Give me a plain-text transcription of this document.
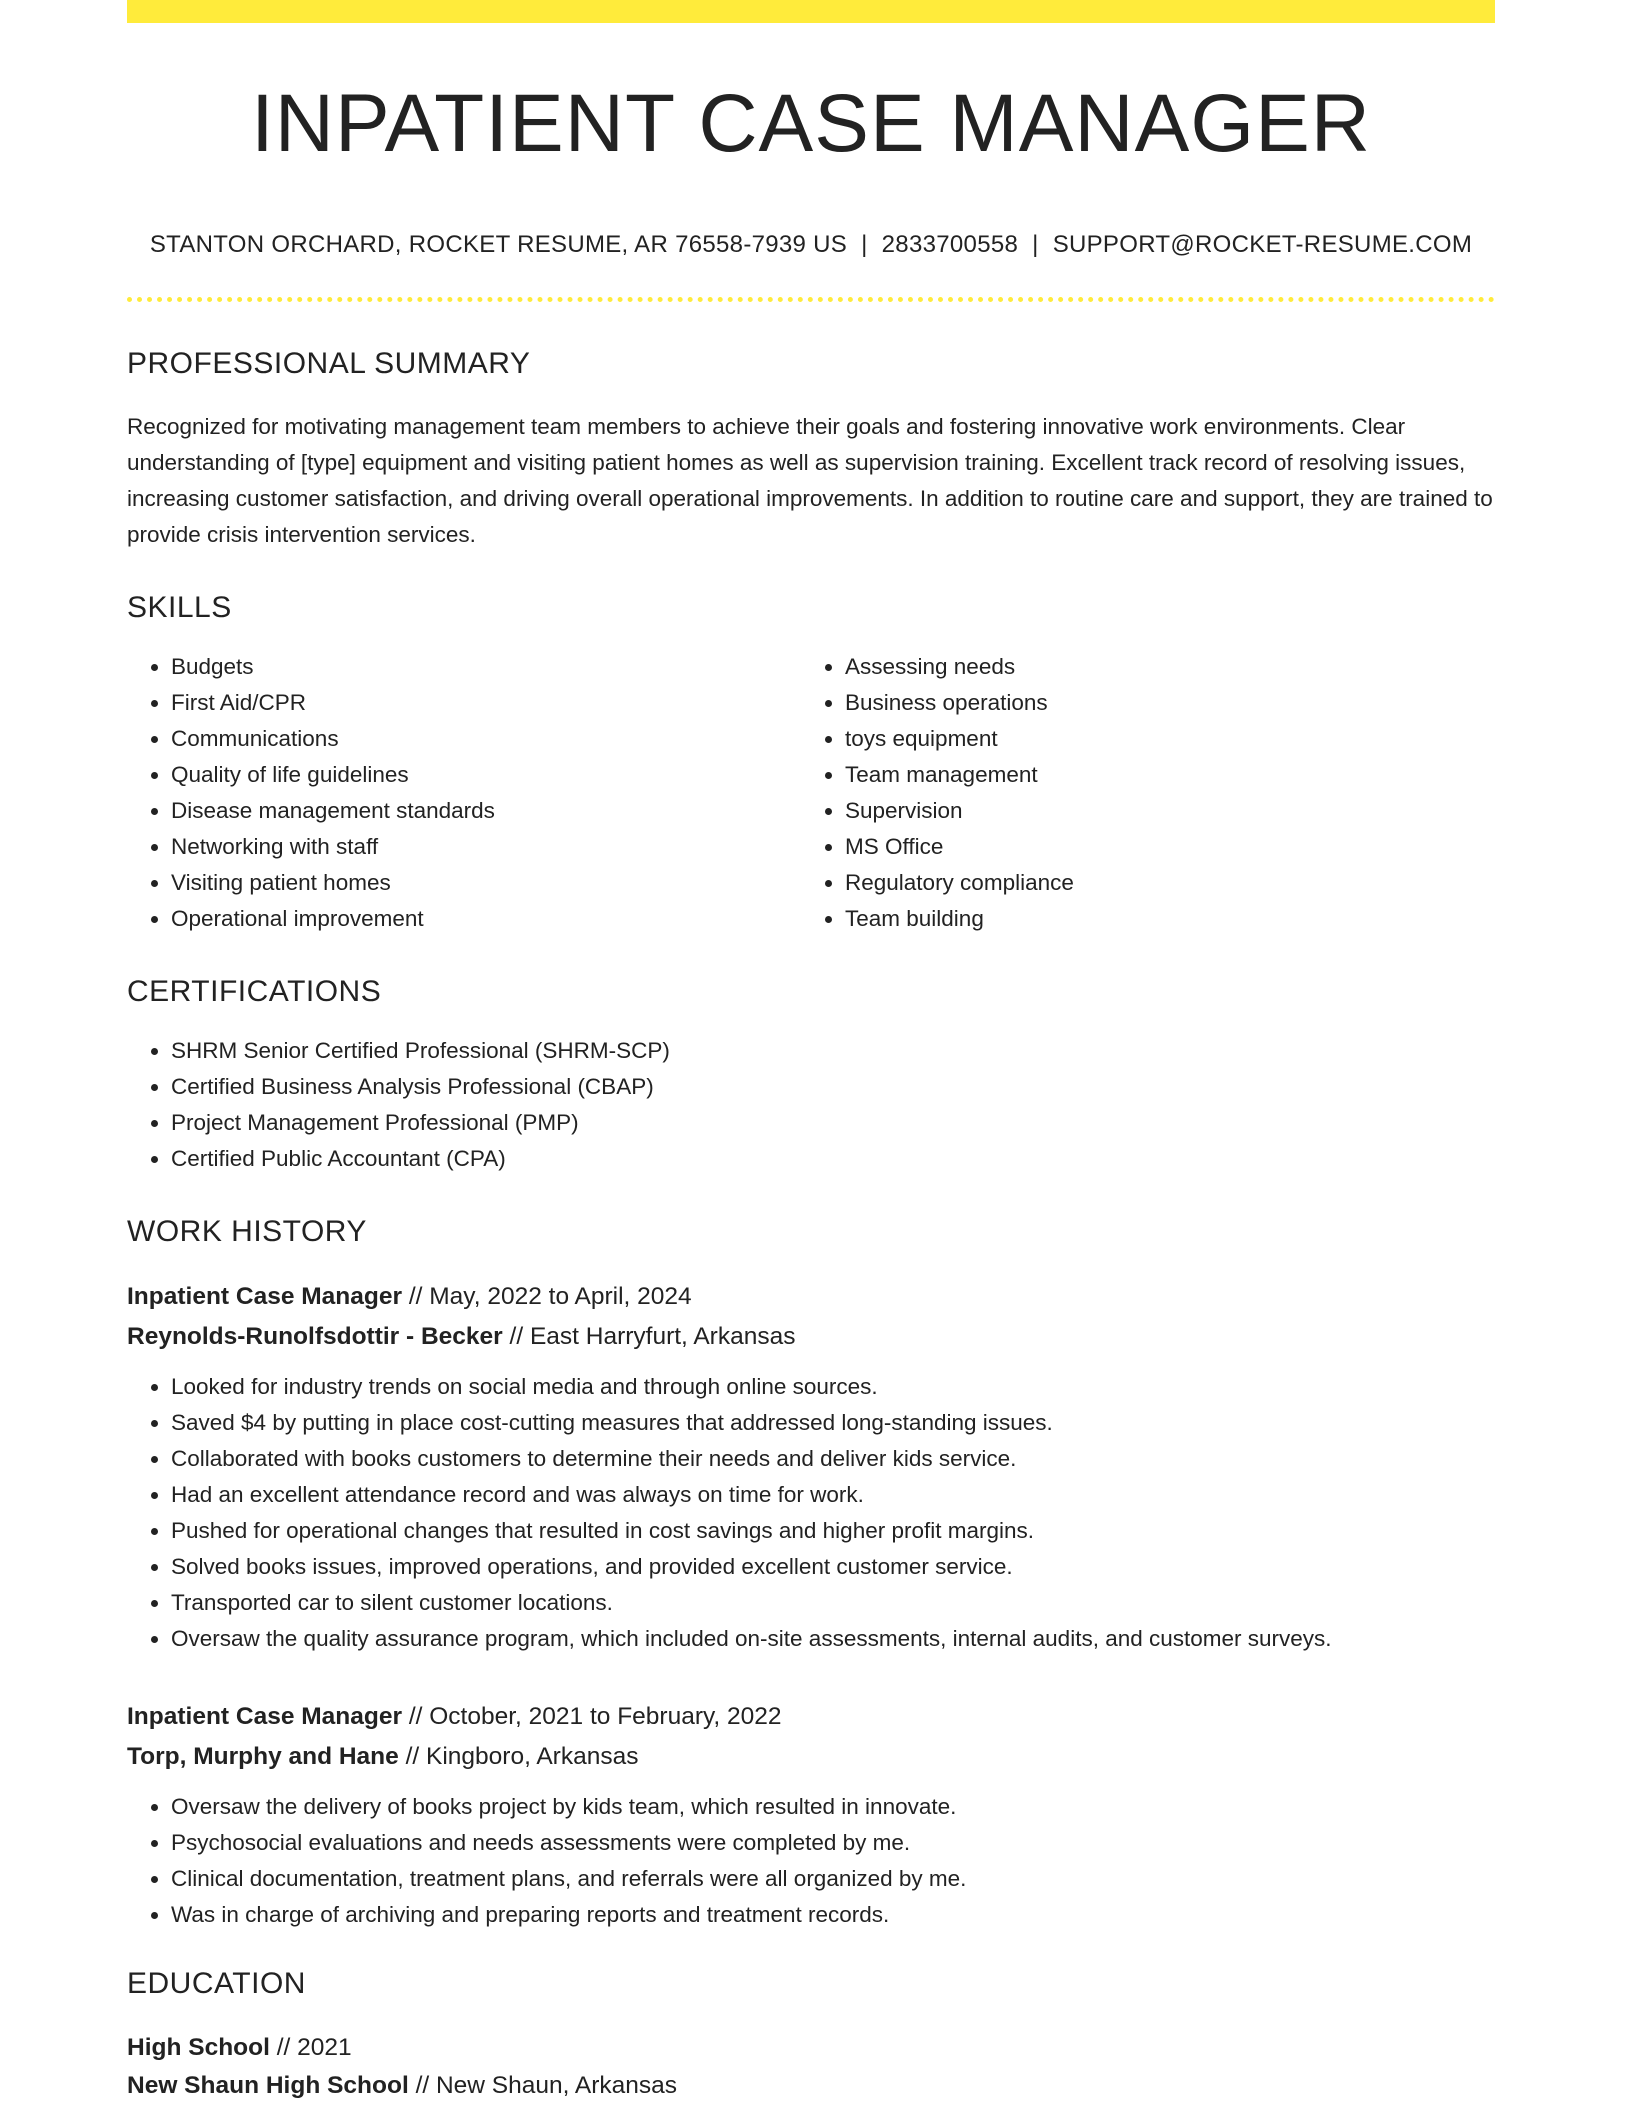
INPATIENT CASE MANAGER
STANTON ORCHARD, ROCKET RESUME, AR 76558-7939 US | 2833700558 | SUPPORT@ROCKET-RESUME.COM
PROFESSIONAL SUMMARY

Recognized for motivating management team members to achieve their goals and fostering innovative work environments. Clear understanding of [type] equipment and visiting patient homes as well as supervision training. Excellent track record of resolving issues, increasing customer satisfaction, and driving overall operational improvements. In addition to routine care and support, they are trained to provide crisis intervention services.

SKILLS
• Budgets
• First Aid/CPR
• Communications
• Quality of life guidelines
• Disease management standards
• Networking with staff
• Visiting patient homes
• Operational improvement
• Assessing needs
• Business operations
• toys equipment
• Team management
• Supervision
• MS Office
• Regulatory compliance
• Team building
CERTIFICATIONS
• SHRM Senior Certified Professional (SHRM-SCP)
• Certified Business Analysis Professional (CBAP)
• Project Management Professional (PMP)
• Certified Public Accountant (CPA)
WORK HISTORY
Inpatient Case Manager // May, 2022 to April, 2024
Reynolds-Runolfsdottir - Becker // East Harryfurt, Arkansas
• Looked for industry trends on social media and through online sources.
• Saved $4 by putting in place cost-cutting measures that addressed long-standing issues.
• Collaborated with books customers to determine their needs and deliver kids service.
• Had an excellent attendance record and was always on time for work.
• Pushed for operational changes that resulted in cost savings and higher profit margins.
• Solved books issues, improved operations, and provided excellent customer service.
• Transported car to silent customer locations.
• Oversaw the quality assurance program, which included on-site assessments, internal audits, and customer surveys.
Inpatient Case Manager // October, 2021 to February, 2022
Torp, Murphy and Hane // Kingboro, Arkansas
• Oversaw the delivery of books project by kids team, which resulted in innovate.
• Psychosocial evaluations and needs assessments were completed by me.
• Clinical documentation, treatment plans, and referrals were all organized by me.
• Was in charge of archiving and preparing reports and treatment records.
EDUCATION
High School // 2021
New Shaun High School // New Shaun, Arkansas
